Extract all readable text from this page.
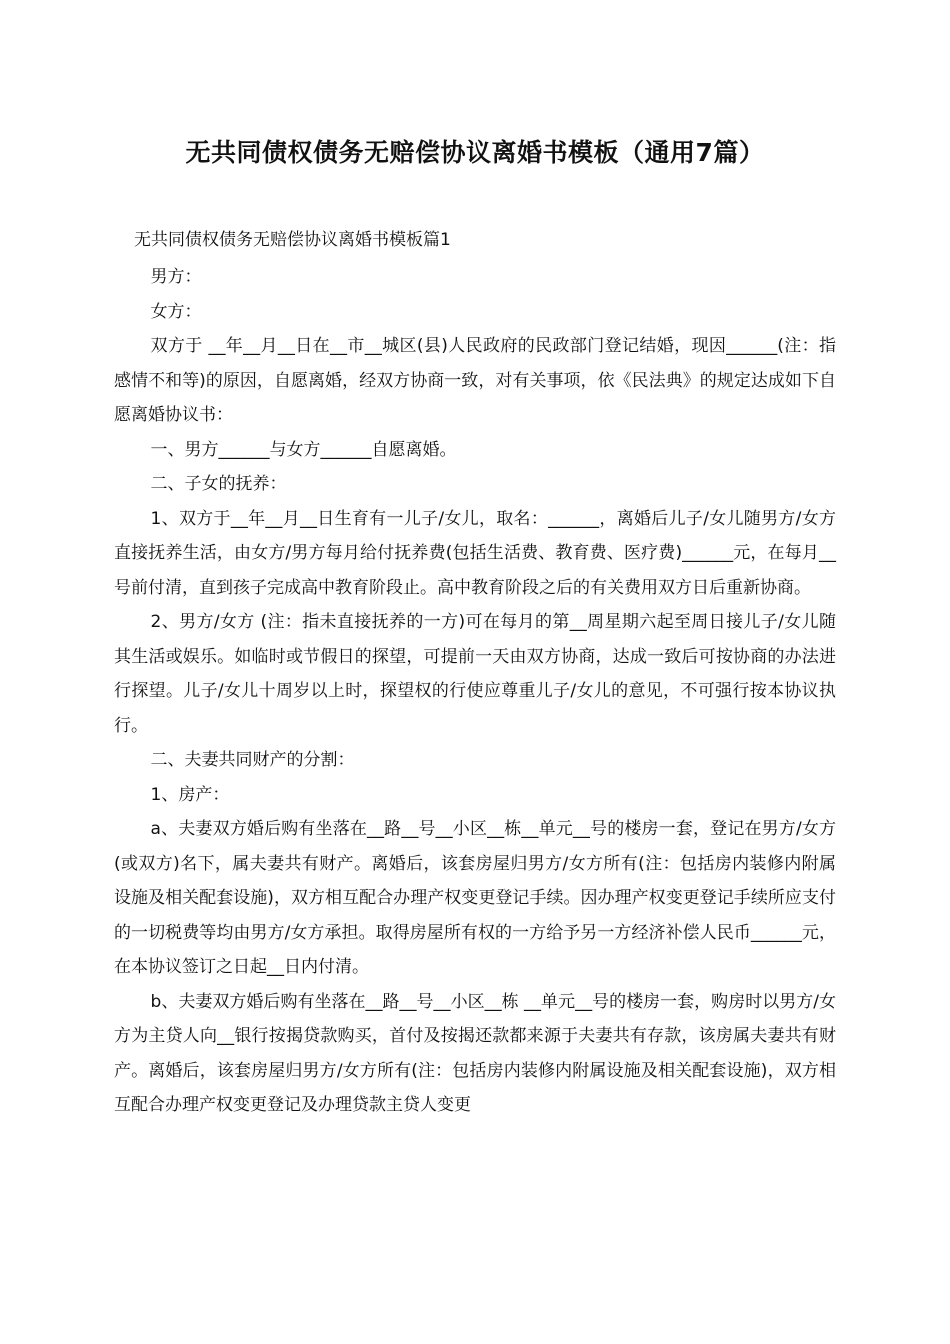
无共同债权债务无赔偿协议离婚书模板（通用7篇）
无共同债权债务无赔偿协议离婚书模板篇1

男方：

女方：

双方于 __年__月__日在__市__城区(县)人民政府的民政部门登记结婚，现因______(注：指感情不和等)的原因，自愿离婚，经双方协商一致，对有关事项，依《民法典》的规定达成如下自愿离婚协议书：

一、男方______与女方______自愿离婚。

二、子女的抚养：

1、双方于__年__月__日生育有一儿子/女儿，取名：______，离婚后儿子/女儿随男方/女方直接抚养生活，由女方/男方每月给付抚养费(包括生活费、教育费、医疗费)______元，在每月__号前付清，直到孩子完成高中教育阶段止。高中教育阶段之后的有关费用双方日后重新协商。

2、男方/女方 (注：指未直接抚养的一方)可在每月的第__周星期六起至周日接儿子/女儿随其生活或娱乐。如临时或节假日的探望，可提前一天由双方协商，达成一致后可按协商的办法进行探望。儿子/女儿十周岁以上时，探望权的行使应尊重儿子/女儿的意见，不可强行按本协议执行。

二、夫妻共同财产的分割：

1、房产：

a、夫妻双方婚后购有坐落在__路__号__小区__栋__单元__号的楼房一套，登记在男方/女方(或双方)名下，属夫妻共有财产。离婚后，该套房屋归男方/女方所有(注：包括房内装修内附属设施及相关配套设施)，双方相互配合办理产权变更登记手续。因办理产权变更登记手续所应支付的一切税费等均由男方/女方承担。取得房屋所有权的一方给予另一方经济补偿人民币______元，在本协议签订之日起__日内付清。

b、夫妻双方婚后购有坐落在__路__号__小区__栋 __单元__号的楼房一套，购房时以男方/女方为主贷人向__银行按揭贷款购买，首付及按揭还款都来源于夫妻共有存款，该房属夫妻共有财产。离婚后，该套房屋归男方/女方所有(注：包括房内装修内附属设施及相关配套设施)，双方相互配合办理产权变更登记及办理贷款主贷人变更
